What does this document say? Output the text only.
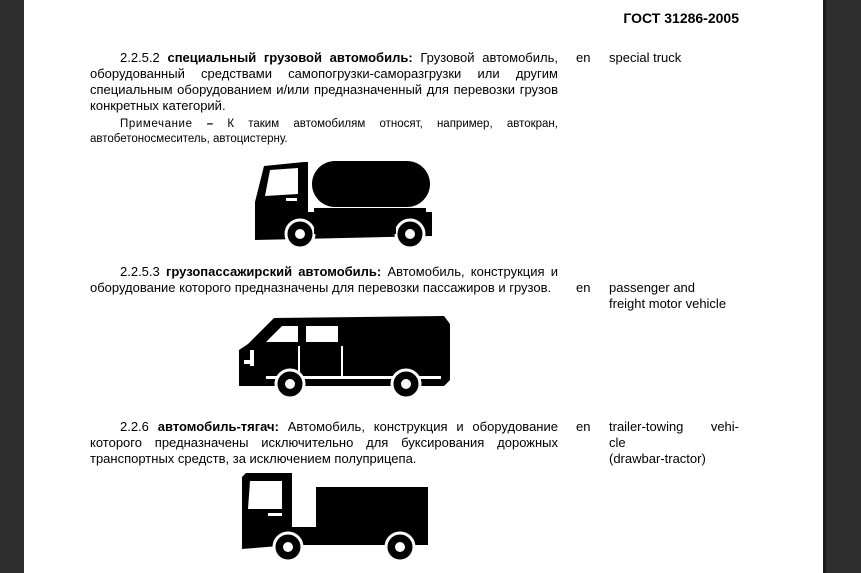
ГОСТ 31286-2005
2.2.5.2 специальный грузовой автомобиль: Грузовой автомобиль, оборудованный средствами самопогрузки-саморазгрузки или другим специальным оборудованием и/или предназначенный для перевозки грузов конкретных категорий.
en special truck
Примечание – К таким автомобилям относят, например, автокран, автобетоносмеситель, автоцистерну.
2.2.5.3 грузопассажирский автомобиль: Автомобиль, конструкция и оборудование которого предназначены для перевозки пассажиров и грузов.	en passenger and
freight motor vehicle
2.2.6 автомобиль-тягач: Автомобиль, конструкция и оборудование которого предназначены исключительно для буксирования дорожных транспортных средств, за исключением полуприцепа.
en trailer-towing vehi-
cle
(drawbar-tractor)
